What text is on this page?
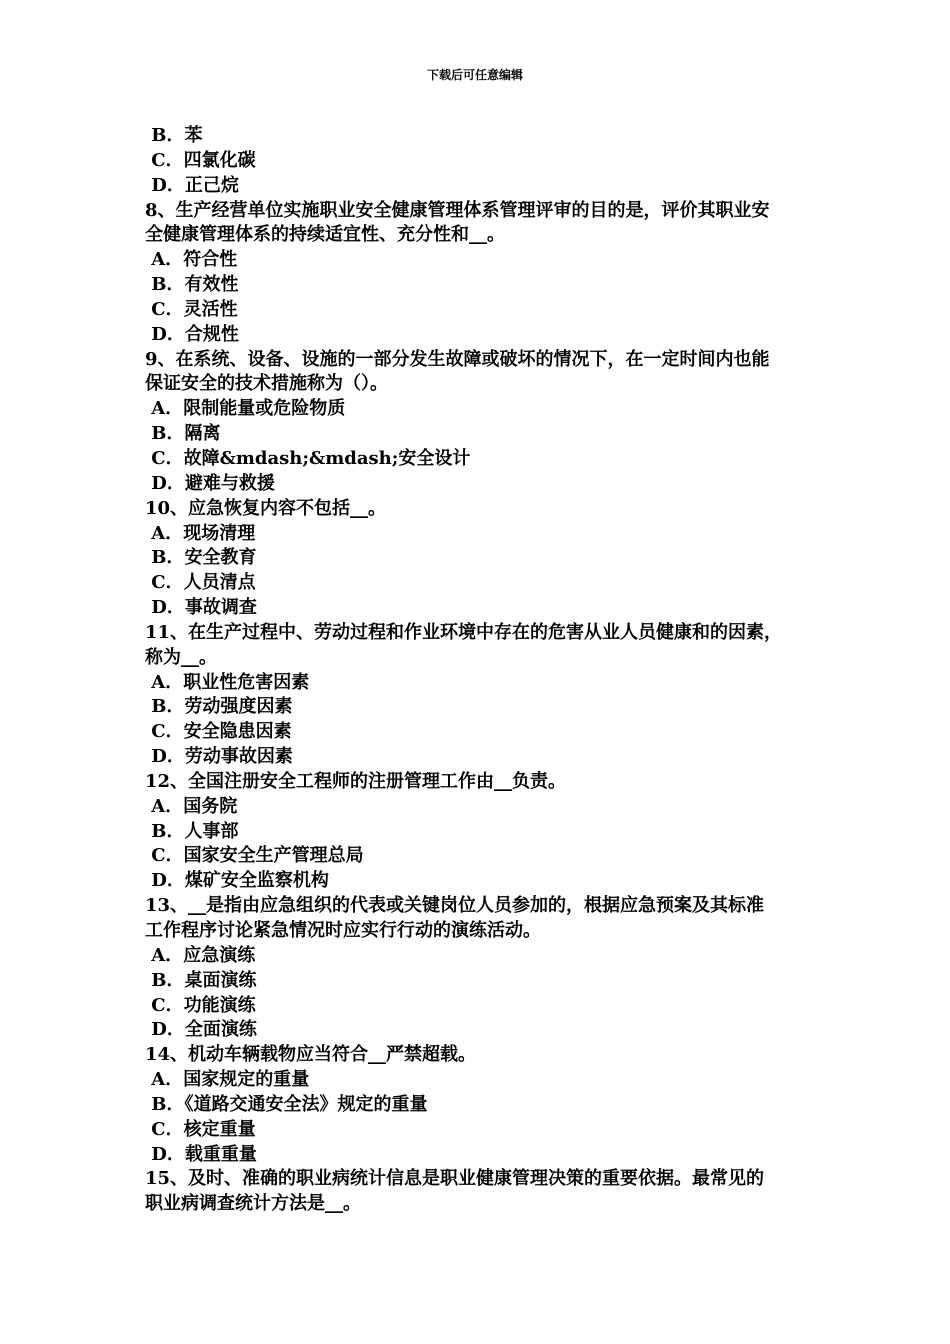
下载后可任意编辑
B．苯
C．四氯化碳
D．正己烷
8、生产经营单位实施职业安全健康管理体系管理评审的目的是，评价其职业安
全健康管理体系的持续适宜性、充分性和__。
A．符合性
B．有效性
C．灵活性
D．合规性
9、在系统、设备、设施的一部分发生故障或破坏的情况下，在一定时间内也能
保证安全的技术措施称为（）。
A．限制能量或危险物质
B．隔离
C．故障&mdash;&mdash;安全设计
D．避难与救援
10、应急恢复内容不包括__。
A．现场清理
B．安全教育
C．人员清点
D．事故调查
11、在生产过程中、劳动过程和作业环境中存在的危害从业人员健康和的因素，
称为__。
A．职业性危害因素
B．劳动强度因素
C．安全隐患因素
D．劳动事故因素
12、全国注册安全工程师的注册管理工作由__负责。
A．国务院
B．人事部
C．国家安全生产管理总局
D．煤矿安全监察机构
13、__是指由应急组织的代表或关键岗位人员参加的，根据应急预案及其标准
工作程序讨论紧急情况时应实行行动的演练活动。
A．应急演练
B．桌面演练
C．功能演练
D．全面演练
14、机动车辆载物应当符合__严禁超载。
A．国家规定的重量
B．《道路交通安全法》规定的重量
C．核定重量
D．载重重量
15、及时、准确的职业病统计信息是职业健康管理决策的重要依据。最常见的
职业病调查统计方法是__。
